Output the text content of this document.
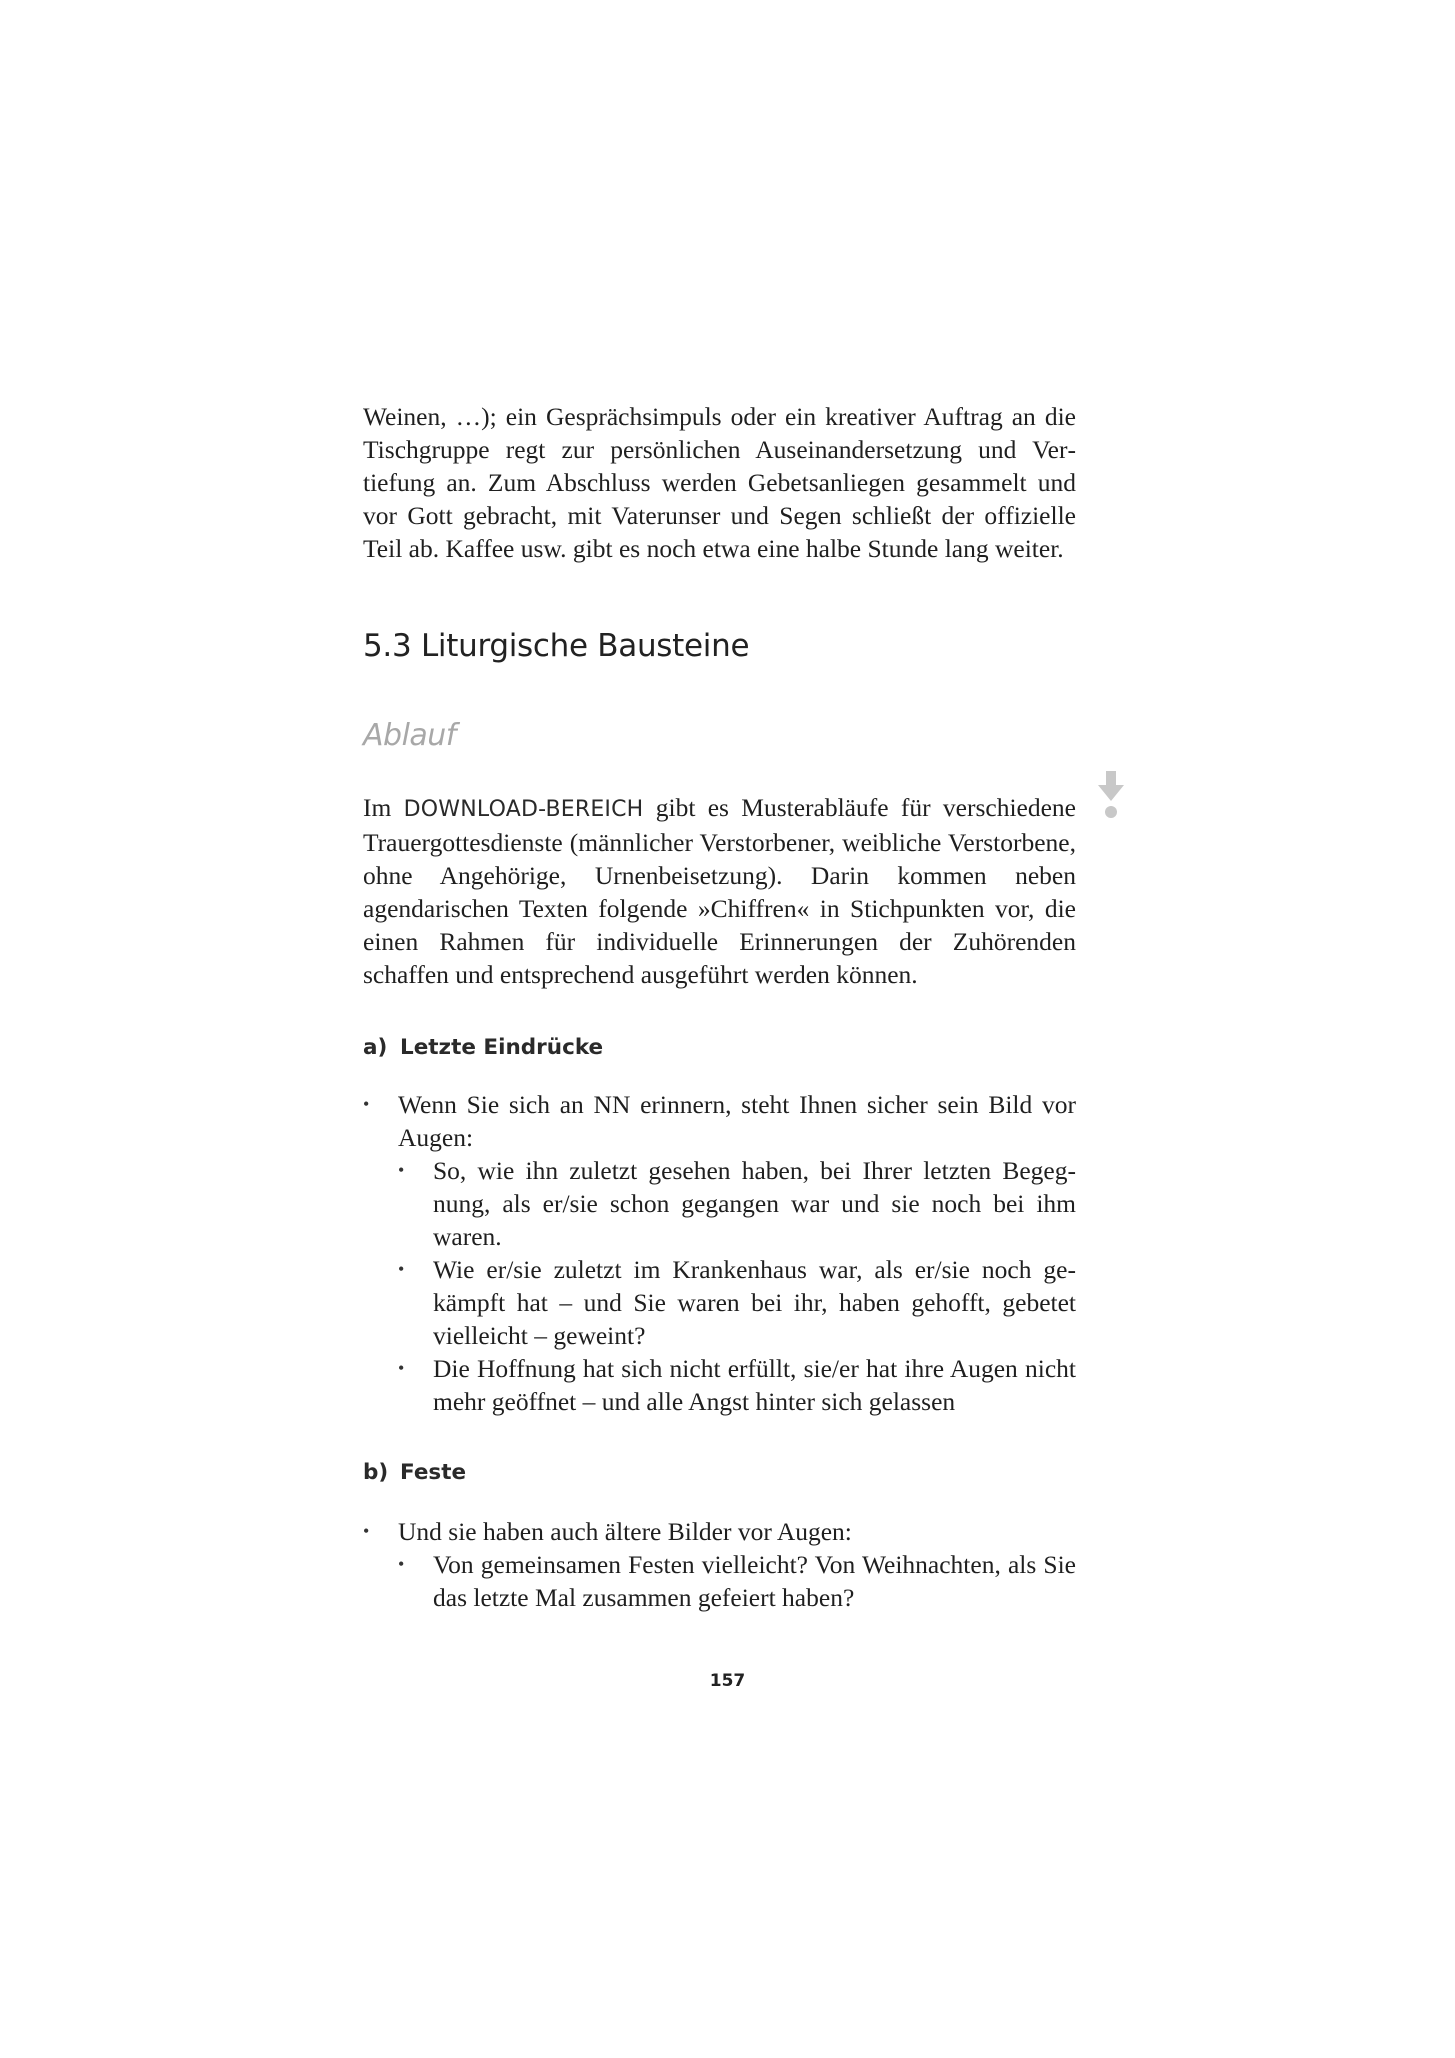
Weinen, …); ein Gesprächsimpuls oder ein kreativer Auftrag an die Tischgruppe regt zur persönlichen Auseinandersetzung und Vertiefung an. Zum Abschluss werden Gebetsanliegen gesammelt und vor Gott gebracht, mit Vaterunser und Segen schließt der offizielle Teil ab. Kaffee usw. gibt es noch etwa eine halbe Stunde lang weiter.
5.3 Liturgische Bausteine
Ablauf
Im DOWNLOAD-BEREICH gibt es Musterabläufe für verschiedene Trauergottesdienste (männlicher Verstorbener, weibliche Verstorbene, ohne Angehörige, Urnenbeisetzung). Darin kommen neben agendarischen Texten folgende »Chiffren« in Stichpunkten vor, die einen Rahmen für individuelle Erinnerungen der Zuhörenden schaffen und entsprechend ausgeführt werden können.
a) Letzte Eindrücke
• Wenn Sie sich an NN erinnern, steht Ihnen sicher sein Bild vor Augen:
• So, wie ihn zuletzt gesehen haben, bei Ihrer letzten Begegnung, als er/sie schon gegangen war und sie noch bei ihm waren.
• Wie er/sie zuletzt im Krankenhaus war, als er/sie noch gekämpft hat – und Sie waren bei ihr, haben gehofft, gebetet vielleicht – geweint?
• Die Hoffnung hat sich nicht erfüllt, sie/er hat ihre Augen nicht mehr geöffnet – und alle Angst hinter sich gelassen
b) Feste
• Und sie haben auch ältere Bilder vor Augen:
• Von gemeinsamen Festen vielleicht? Von Weihnachten, als Sie das letzte Mal zusammen gefeiert haben?
157
